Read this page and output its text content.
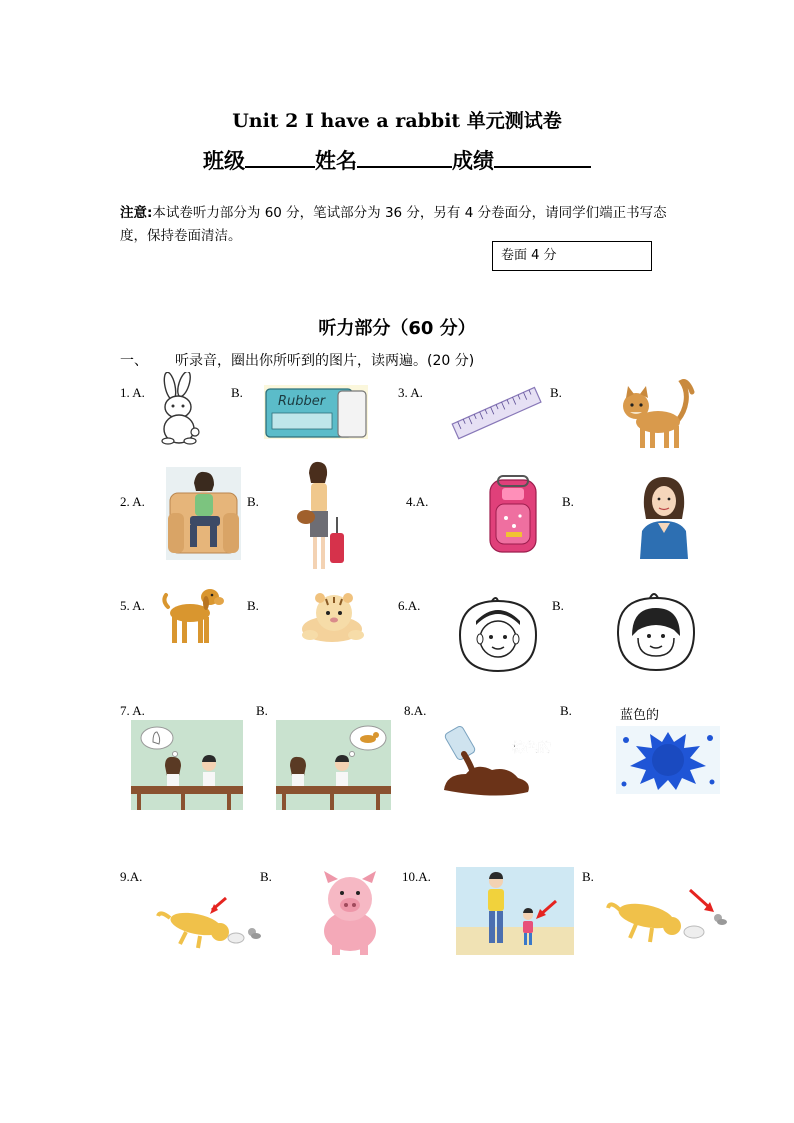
Unit 2 I have a rabbit 单元测试卷
班级	姓名	成绩
注意:本试卷听力部分为 60 分，笔试部分为 36 分，另有 4 分卷面分，请同学们端正书写态度，保持卷面清洁。
卷面 4 分
听力部分（60 分）
一、 听录音，圈出你所听到的图片，读两遍。(20 分)
1. A.	B.	3. A.	B.
Rubber
2. A.	B.	4.A.	B.
5. A.	B.	6.A.	B.
7. A.	B.	8.A.	B.	蓝色的
棕色的
9.A.	B.	10.A.	B.
